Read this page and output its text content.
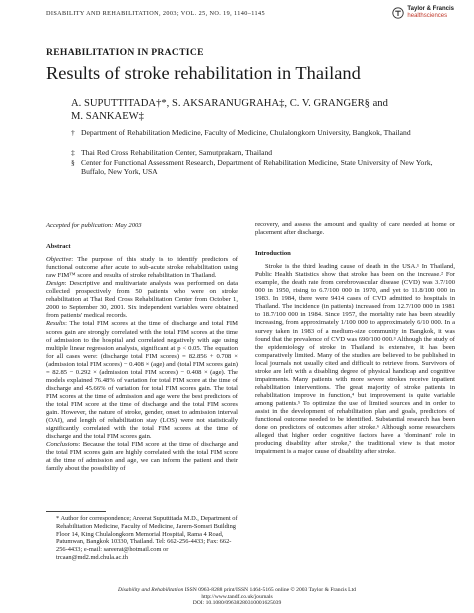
DISABILITY AND REHABILITATION, 2003; VOL. 25, NO. 19, 1140–1145
Taylor & Francis
healthsciences
REHABILITATION IN PRACTICE
Results of stroke rehabilitation in Thailand
A. SUPUTTITADA†*, S. AKSARANUGRAHA‡, C. V. GRANGER§ and
M. SANKAEW‡
† Department of Rehabilitation Medicine, Faculty of Medicine, Chulalongkorn University, Bangkok, Thailand
‡ Thai Red Cross Rehabilitation Center, Samutprakarn, Thailand
§ Center for Functional Assessment Research, Department of Rehabilitation Medicine, State University of New York, Buffalo, New York, USA
Accepted for publication: May 2003
Abstract

Objective: The purpose of this study is to identify predictors of functional outcome after acute to sub-acute stroke rehabilitation using raw FIM™ score and results of stroke rehabilitation in Thailand.

Design: Descriptive and multivariate analysis was performed on data collected prospectively from 50 patients who were on stroke rehabilitation at Thai Red Cross Rehabilitation Center from October 1, 2000 to September 30, 2001. Six independent variables were obtained from patients' medical records.

Results: The total FIM scores at the time of discharge and total FIM scores gain are strongly correlated with the total FIM scores at the time of admission to the hospital and correlated negatively with age using multiple linear regression analysis, significant at p < 0.05. The equation for all cases were: (discharge total FIM scores) = 82.856 + 0.708 × (admission total FIM scores) − 0.408 × (age) and (total FIM scores gain) = 82.85 − 0.292 × (admission total FIM scores) − 0.408 × (age). The models explained 76.48% of variation for total FIM score at the time of discharge and 45.66% of variation for total FIM scores gain. The total FIM scores at the time of admission and age were the best predictors of the total FIM score at the time of discharge and the total FIM scores gain. However, the nature of stroke, gender, onset to admission interval (OAI), and length of rehabilitation stay (LOS) were not statistically significantly correlated with the total FIM scores at the time of discharge and the total FIM scores gain.

Conclusions: Because the total FIM score at the time of discharge and the total FIM scores gain are highly correlated with the total FIM score at the time of admission and age, we can inform the patient and their family about the possibility of

recovery, and assess the amount and quality of care needed at home or placement after discharge.

Introduction

Stroke is the third leading cause of death in the USA.¹ In Thailand, Public Health Statistics show that stroke has been on the increase.² For example, the death rate from cerebrovascular disease (CVD) was 3.7/100 000 in 1950, rising to 6.7/100 000 in 1970, and yet to 11.8/100 000 in 1983. In 1984, there were 9414 cases of CVD admitted to hospitals in Thailand. The incidence (in patients) increased from 12.7/100 000 in 1981 to 18.7/100 000 in 1984. Since 1957, the mortality rate has been steadily increasing, from approximately 1/100 000 to approximately 6/10 000. In a survey taken in 1983 of a medium-size community in Bangkok, it was found that the prevalence of CVD was 690/100 000.³ Although the study of the epidemiology of stroke in Thailand is extensive, it has been comparatively limited. Many of the studies are believed to be published in local journals not usually cited and difficult to retrieve from. Survivors of stroke are left with a disabling degree of physical handicap and cognitive impairments. Many patients with more severe strokes receive inpatient rehabilitation interventions. The great majority of stroke patients in rehabilitation improve in function,⁴ but improvement is quite variable among patients.⁵ To optimize the use of limited sources and in order to assist in the development of rehabilitation plan and goals, predictors of functional outcome needed to be identified. Substantial research has been done on predictors of outcomes after stroke.⁶ Although some researchers alleged that higher order cognitive factors have a 'dominant' role in producing disability after stroke,⁷ the traditional view is that motor impairment is a major cause of disability after stroke.

* Author for correspondence; Areerat Suputtitada M.D., Department of Rehabilitation Medicine, Faculty of Medicine, Jarern-Somsri Building Floor 14, King Chulalongkorn Memorial Hospital, Rama 4 Road, Patumwan, Bangkok 10330, Thailand. Tel: 662-256-4433; Fax: 662-256-4433; e-mail: sareerat@hotmail.com or trcaan@md2.md.chula.ac.th
Disability and Rehabilitation ISSN 0963-8288 print/ISSN 1464-5165 online © 2003 Taylor & Francis Ltd
http://www.tandf.co.uk/journals
DOI: 10.1080/09638280310001625039
